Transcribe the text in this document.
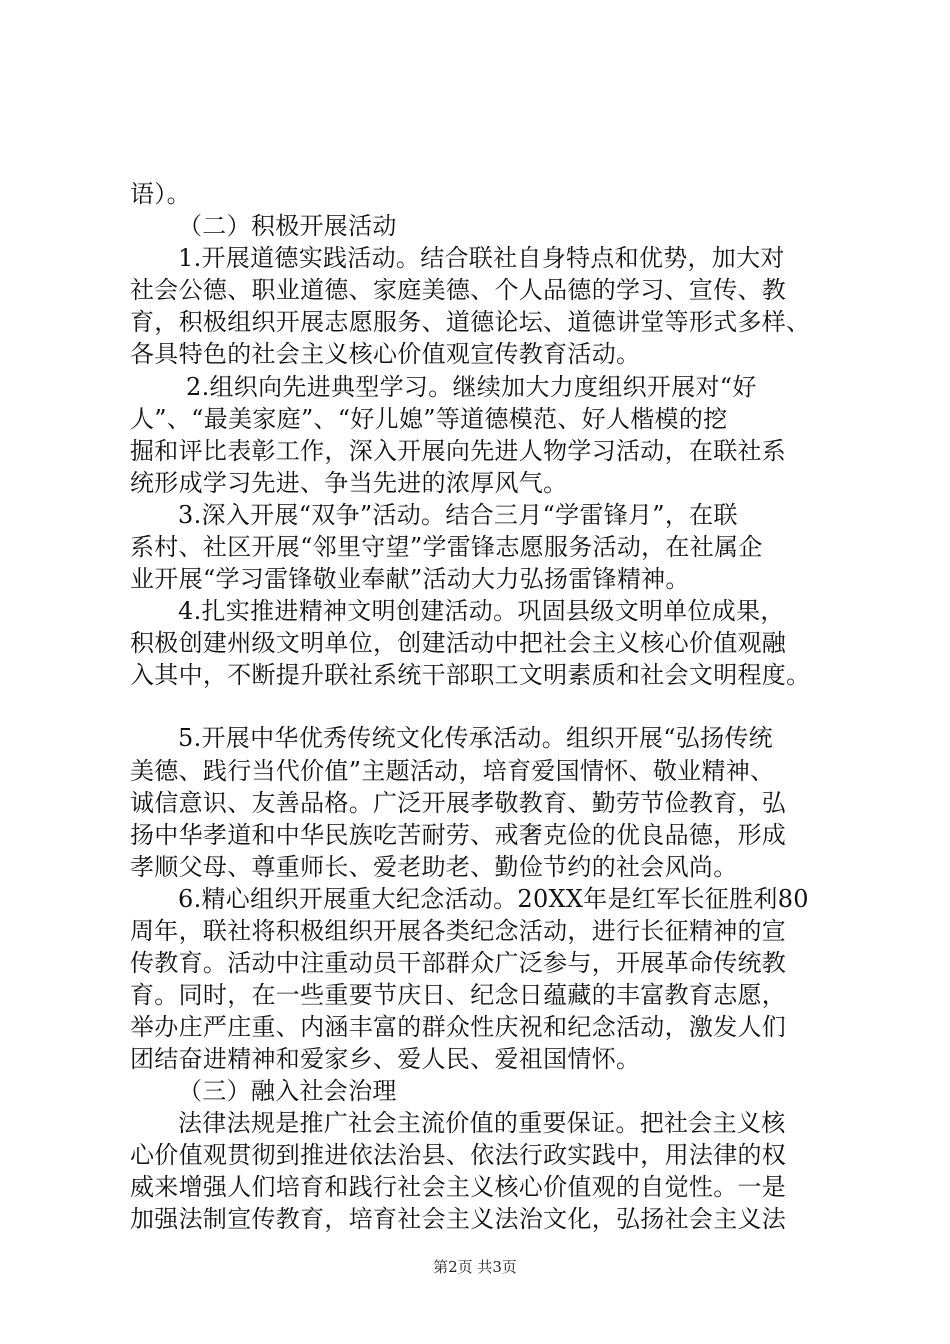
语）。
（二）积极开展活动
1.开展道德实践活动。结合联社自身特点和优势，加大对
社会公德、职业道德、家庭美德、个人品德的学习、宣传、教
育，积极组织开展志愿服务、道德论坛、道德讲堂等形式多样、
各具特色的社会主义核心价值观宣传教育活动。
2.组织向先进典型学习。继续加大力度组织开展对“好
人”、“最美家庭”、“好儿媳”等道德模范、好人楷模的挖
掘和评比表彰工作，深入开展向先进人物学习活动，在联社系
统形成学习先进、争当先进的浓厚风气。
3.深入开展“双争”活动。结合三月“学雷锋月”，在联
系村、社区开展“邻里守望”学雷锋志愿服务活动，在社属企
业开展“学习雷锋敬业奉献”活动大力弘扬雷锋精神。
4.扎实推进精神文明创建活动。巩固县级文明单位成果，
积极创建州级文明单位，创建活动中把社会主义核心价值观融
入其中，不断提升联社系统干部职工文明素质和社会文明程度。
5.开展中华优秀传统文化传承活动。组织开展“弘扬传统
美德、践行当代价值”主题活动，培育爱国情怀、敬业精神、
诚信意识、友善品格。广泛开展孝敬教育、勤劳节俭教育，弘
扬中华孝道和中华民族吃苦耐劳、戒奢克俭的优良品德，形成
孝顺父母、尊重师长、爱老助老、勤俭节约的社会风尚。
6.精心组织开展重大纪念活动。20XX年是红军长征胜利80
周年，联社将积极组织开展各类纪念活动，进行长征精神的宣
传教育。活动中注重动员干部群众广泛参与，开展革命传统教
育。同时，在一些重要节庆日、纪念日蕴藏的丰富教育志愿，
举办庄严庄重、内涵丰富的群众性庆祝和纪念活动，激发人们
团结奋进精神和爱家乡、爱人民、爱祖国情怀。
（三）融入社会治理
法律法规是推广社会主流价值的重要保证。把社会主义核
心价值观贯彻到推进依法治县、依法行政实践中，用法律的权
威来增强人们培育和践行社会主义核心价值观的自觉性。一是
加强法制宣传教育，培育社会主义法治文化，弘扬社会主义法
第2页 共3页
